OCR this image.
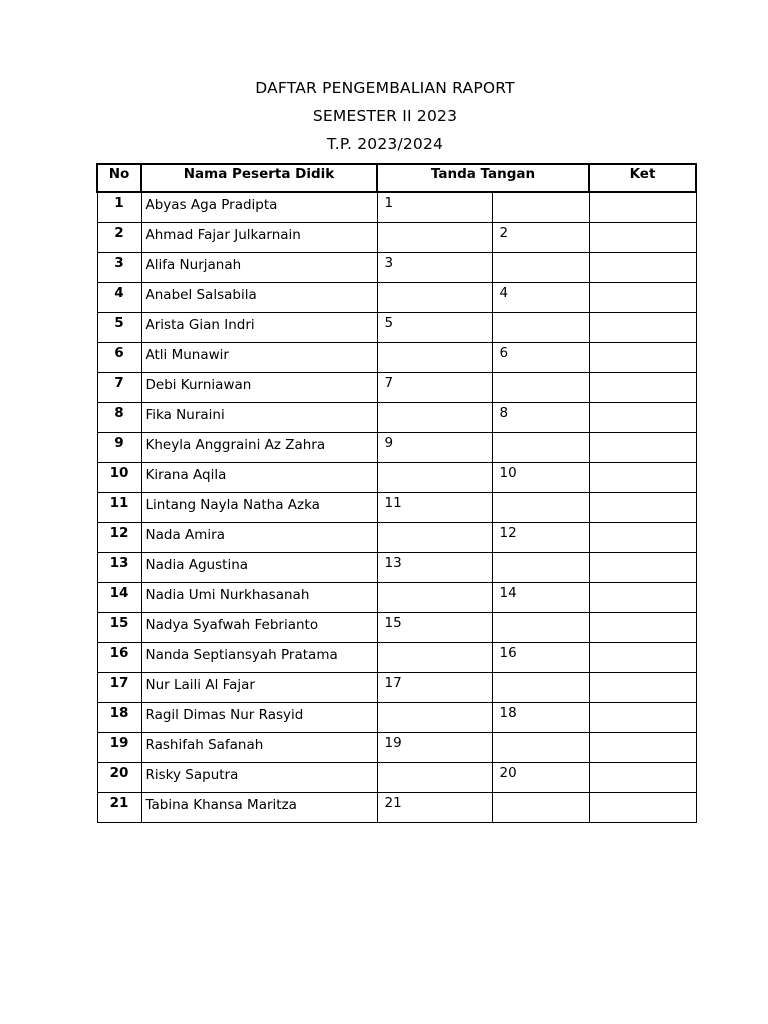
DAFTAR PENGEMBALIAN RAPORT
SEMESTER II 2023
T.P. 2023/2024
No	Nama Peserta Didik	Tanda Tangan		Ket
1	Abyas Aga Pradipta	1		
2	Ahmad Fajar Julkarnain		2	
3	Alifa Nurjanah	3		
4	Anabel Salsabila		4	
5	Arista Gian Indri	5		
6	Atli Munawir		6	
7	Debi Kurniawan	7		
8	Fika Nuraini		8	
9	Kheyla Anggraini Az Zahra	9		
10	Kirana Aqila		10	
11	Lintang Nayla Natha Azka	11		
12	Nada Amira		12	
13	Nadia Agustina	13		
14	Nadia Umi Nurkhasanah		14	
15	Nadya Syafwah Febrianto	15		
16	Nanda Septiansyah Pratama		16	
17	Nur Laili Al Fajar	17		
18	Ragil Dimas Nur Rasyid		18	
19	Rashifah Safanah	19		
20	Risky Saputra		20	
21	Tabina Khansa Maritza	21		
